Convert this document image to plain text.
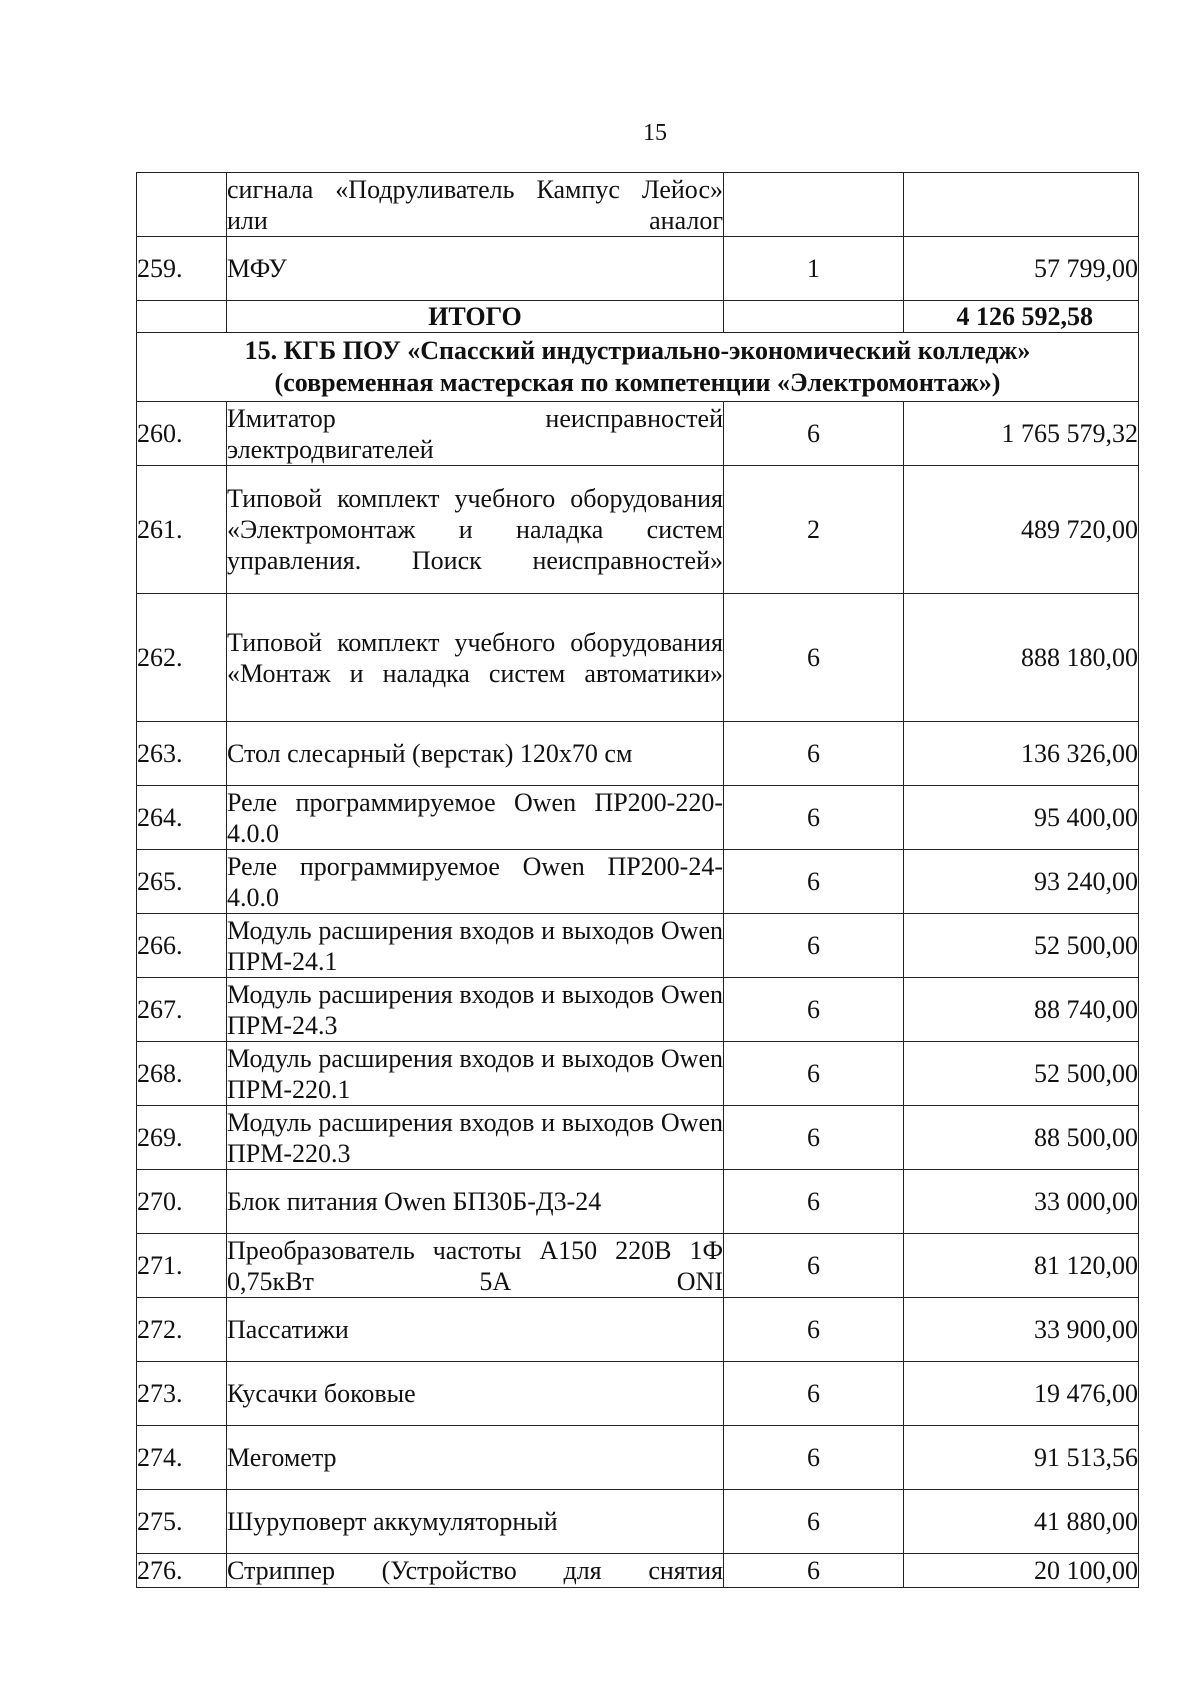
15
	сигнала «Подруливатель Кампус Лейос» или аналог		
259.	МФУ	1	57 799,00
	ИТОГО		4 126 592,58

15. КГБ ПОУ «Спасский индустриально-экономический колледж»
(современная мастерская по компетенции «Электромонтаж»)			

260.	Имитатор неисправностей электродвигателей	6	1 765 579,32
261.	Типовой комплект учебного оборудования «Электромонтаж и наладка систем управления. Поиск неисправностей»	2	489 720,00
262.	Типовой комплект учебного оборудования «Монтаж и наладка систем автоматики»	6	888 180,00
263.	Стол слесарный (верстак) 120х70 см	6	136 326,00
264.	Реле программируемое Owen ПР200-220-4.0.0	6	95 400,00
265.	Реле программируемое Owen ПР200-24-4.0.0	6	93 240,00
266.	Модуль расширения входов и выходов Owen ПРМ-24.1	6	52 500,00
267.	Модуль расширения входов и выходов Owen ПРМ-24.3	6	88 740,00
268.	Модуль расширения входов и выходов Owen ПРМ-220.1	6	52 500,00
269.	Модуль расширения входов и выходов Owen ПРМ-220.3	6	88 500,00
270.	Блок питания Owen БП30Б-Д3-24	6	33 000,00
271.	Преобразователь частоты A150 220В 1Ф 0,75кВт 5А ONI	6	81 120,00
272.	Пассатижи	6	33 900,00
273.	Кусачки боковые	6	19 476,00
274.	Мегометр	6	91 513,56
275.	Шуруповерт аккумуляторный	6	41 880,00
276.	Стриппер (Устройство для снятия	6	20 100,00
